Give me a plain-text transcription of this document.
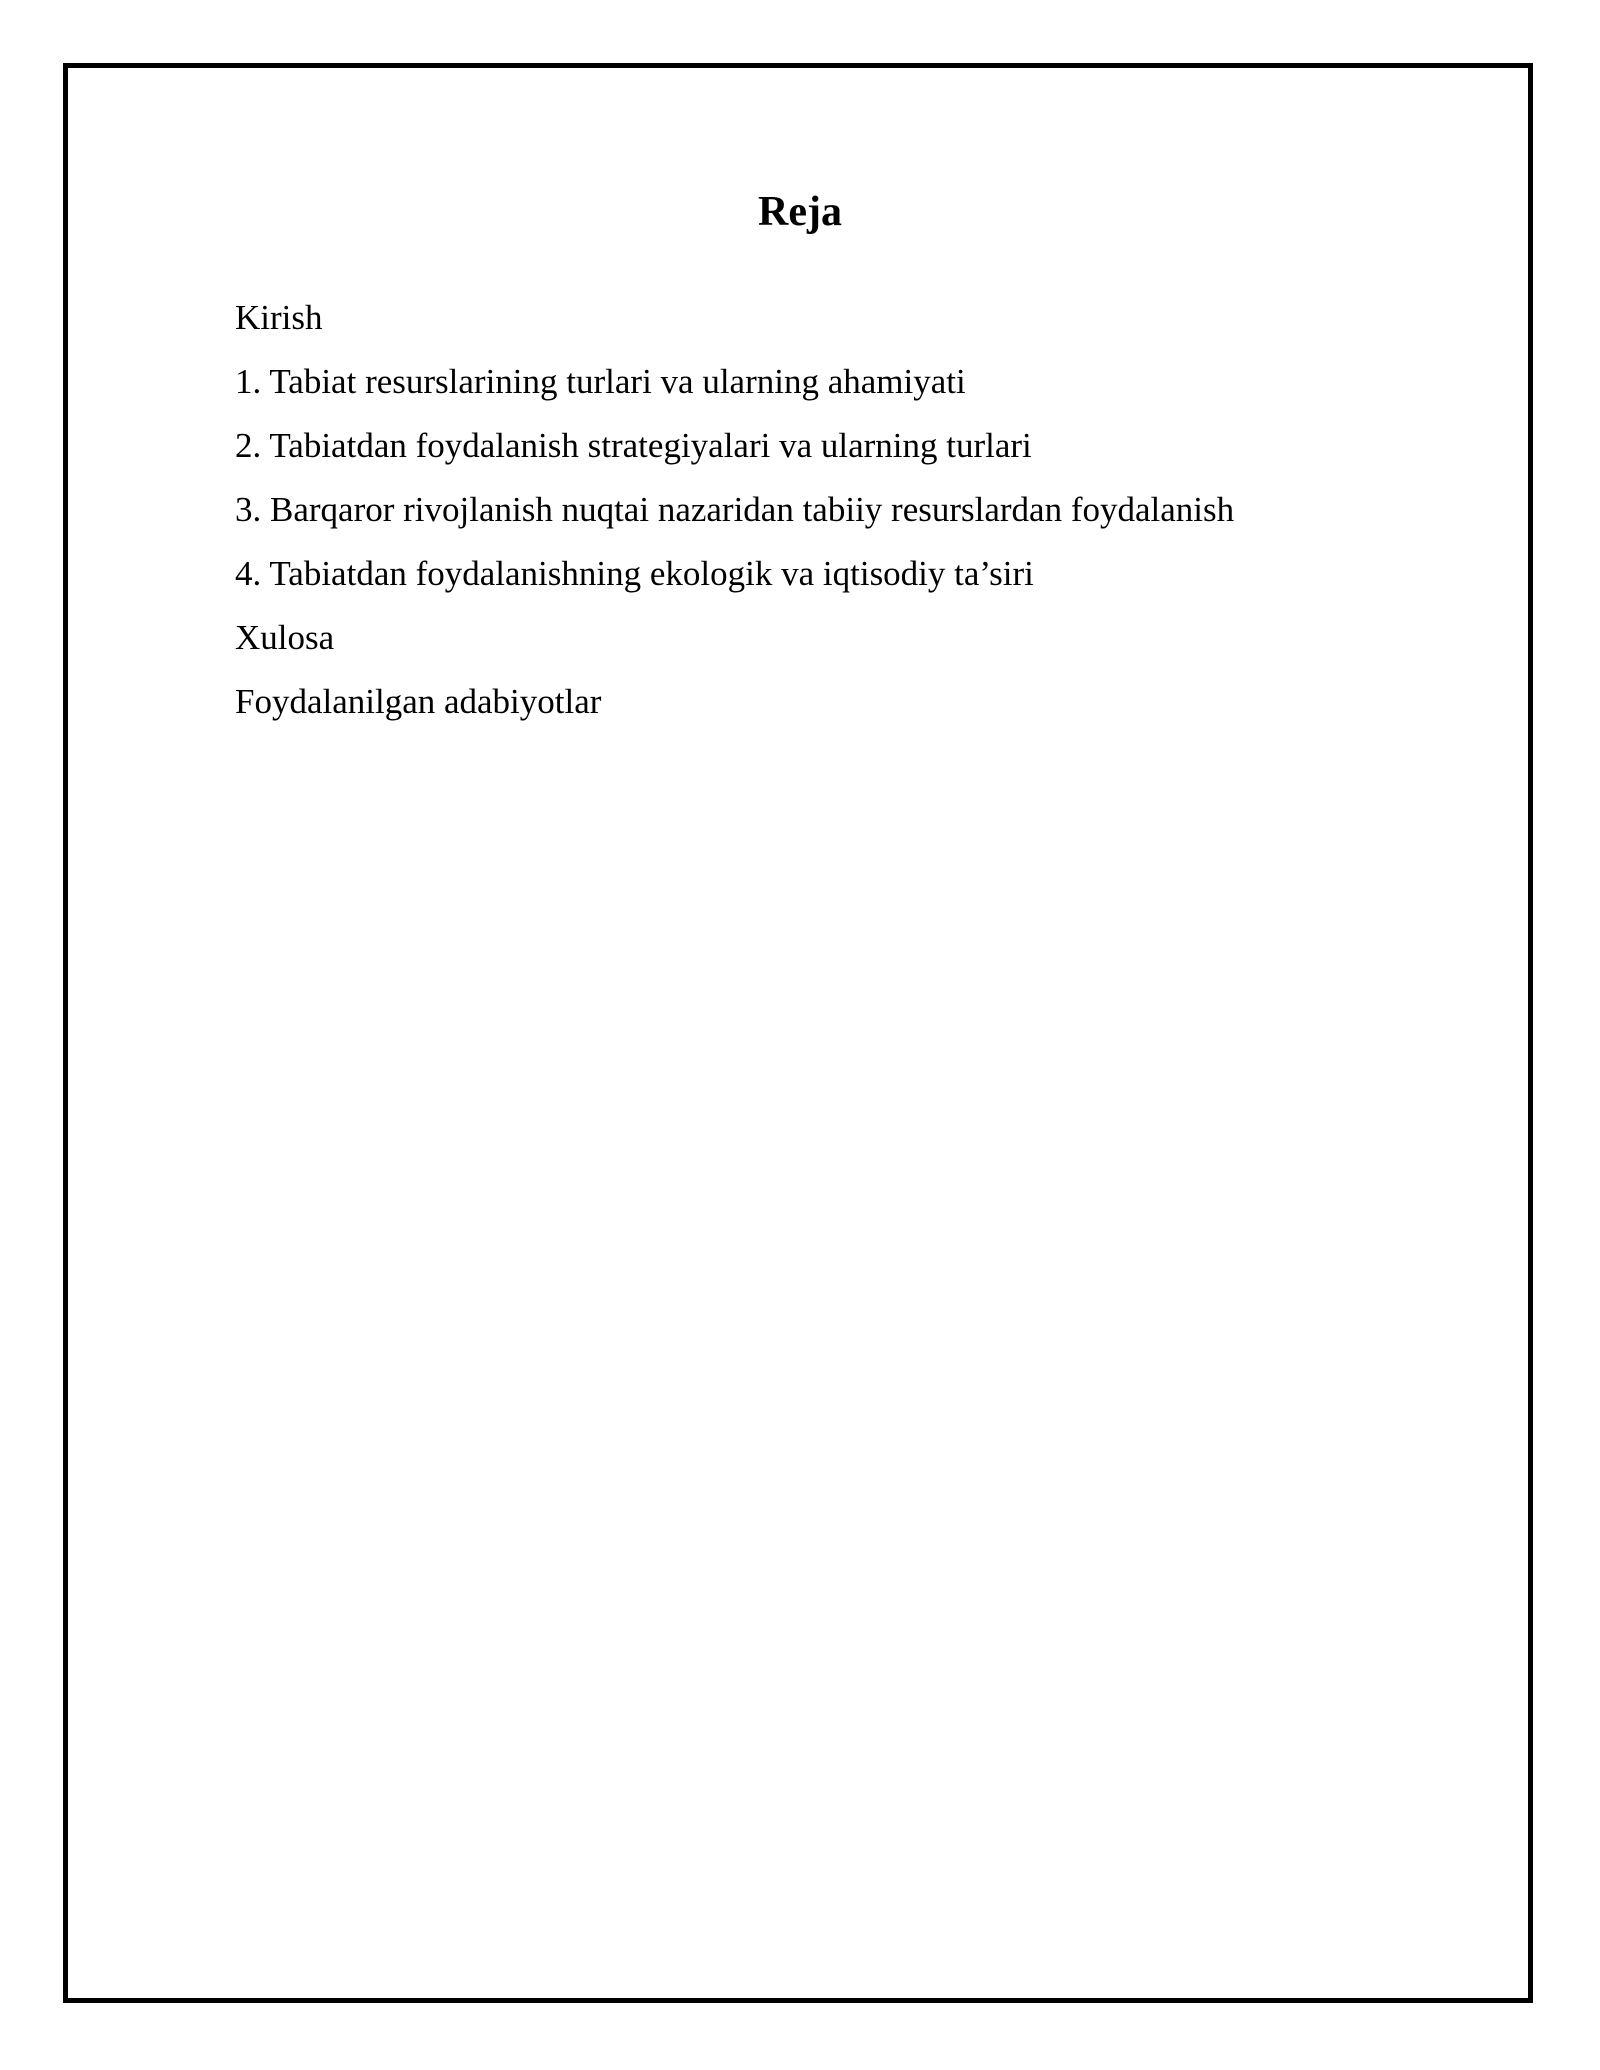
Reja
Kirish
1. Tabiat resurslarining turlari va ularning ahamiyati
2. Tabiatdan foydalanish strategiyalari va ularning turlari
3. Barqaror rivojlanish nuqtai nazaridan tabiiy resurslardan foydalanish
4. Tabiatdan foydalanishning ekologik va iqtisodiy ta’siri
Xulosa
Foydalanilgan adabiyotlar
